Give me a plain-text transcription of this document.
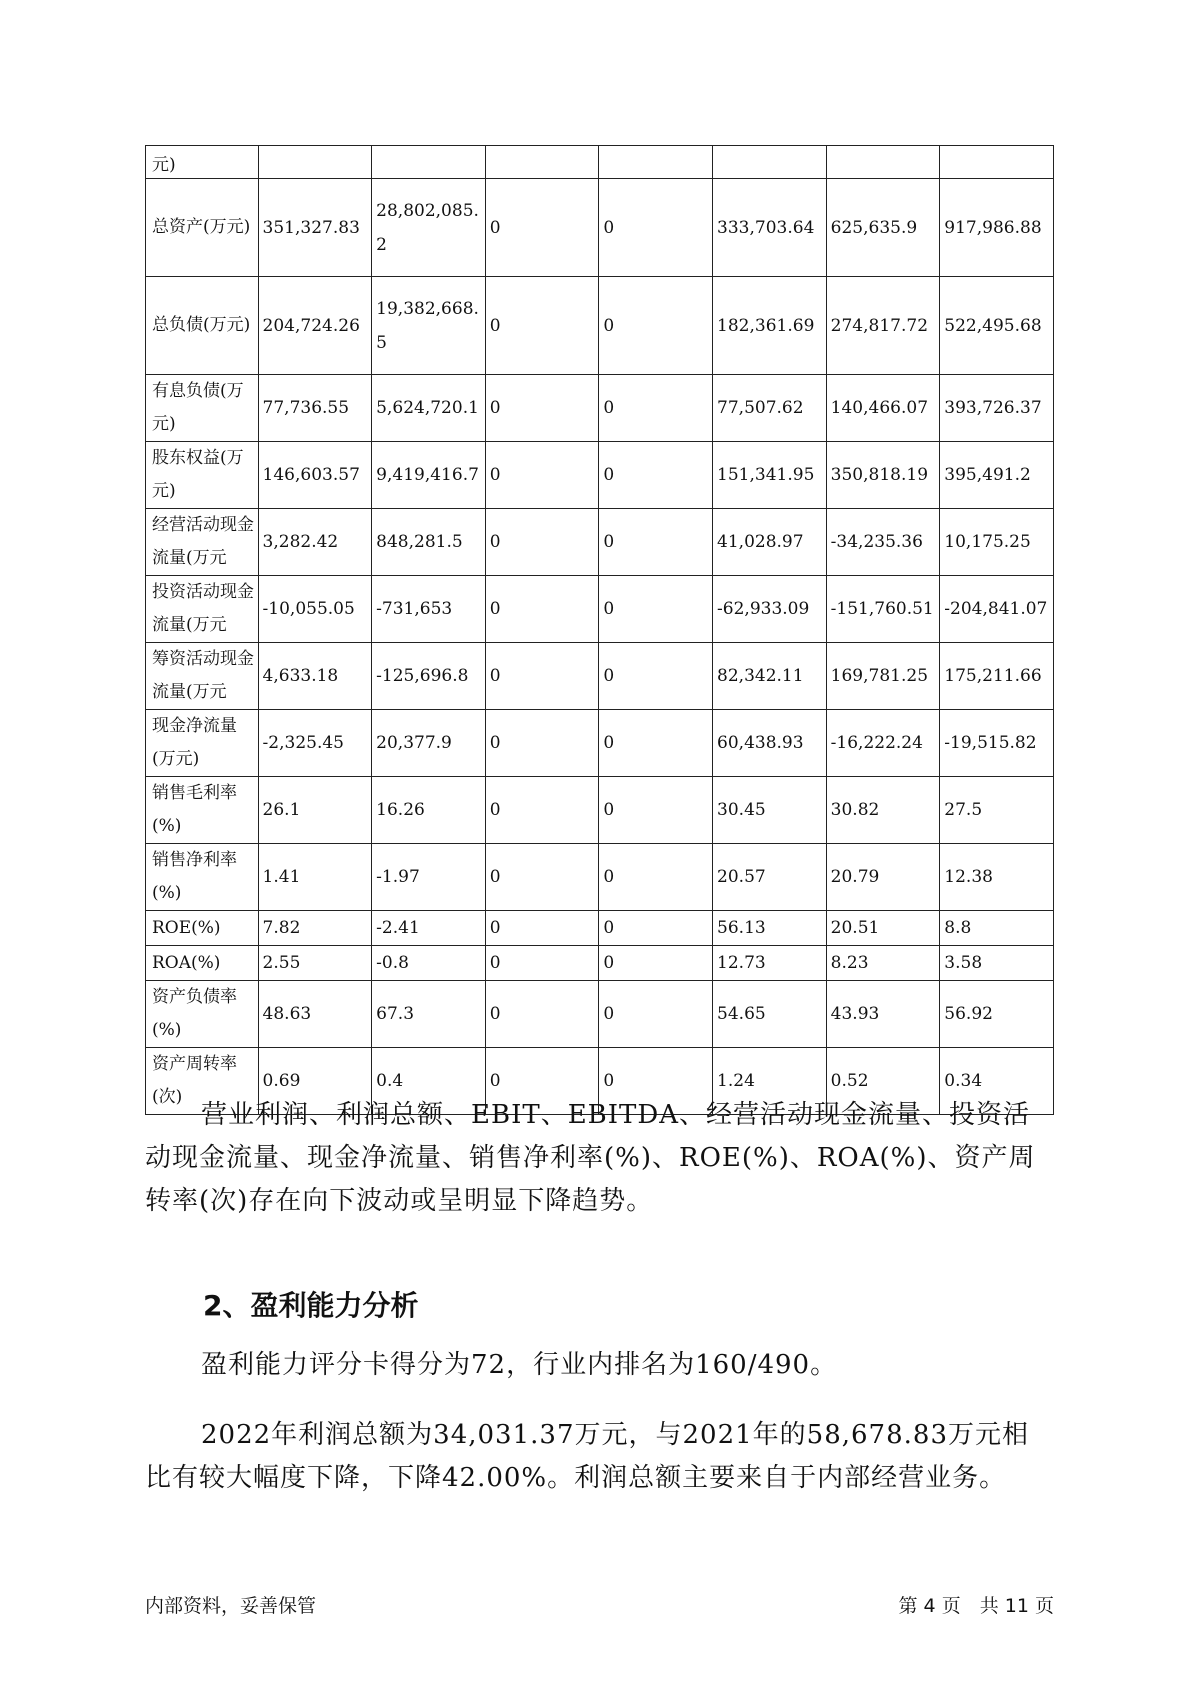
元)							
总资产(万元)	351,327.83	28,802,085.2	0	0	333,703.64	625,635.9	917,986.88
总负债(万元)	204,724.26	19,382,668.5	0	0	182,361.69	274,817.72	522,495.68
有息负债(万元)	77,736.55	5,624,720.1	0	0	77,507.62	140,466.07	393,726.37
股东权益(万元)	146,603.57	9,419,416.7	0	0	151,341.95	350,818.19	395,491.2
经营活动现金流量(万元	3,282.42	848,281.5	0	0	41,028.97	-34,235.36	10,175.25
投资活动现金流量(万元	-10,055.05	-731,653	0	0	-62,933.09	-151,760.51	-204,841.07
筹资活动现金流量(万元	4,633.18	-125,696.8	0	0	82,342.11	169,781.25	175,211.66
现金净流量(万元)	-2,325.45	20,377.9	0	0	60,438.93	-16,222.24	-19,515.82
销售毛利率(%)	26.1	16.26	0	0	30.45	30.82	27.5
销售净利率(%)	1.41	-1.97	0	0	20.57	20.79	12.38
ROE(%)	7.82	-2.41	0	0	56.13	20.51	8.8
ROA(%)	2.55	-0.8	0	0	12.73	8.23	3.58
资产负债率(%)	48.63	67.3	0	0	54.65	43.93	56.92
资产周转率(次)	0.69	0.4	0	0	1.24	0.52	0.34
营业利润、利润总额、EBIT、EBITDA、经营活动现金流量、投资活动现金流量、现金净流量、销售净利率(%)、ROE(%)、ROA(%)、资产周转率(次)存在向下波动或呈明显下降趋势。
2、盈利能力分析
盈利能力评分卡得分为72，行业内排名为160/490。
2022年利润总额为34,031.37万元，与2021年的58,678.83万元相比有较大幅度下降，下降42.00%。利润总额主要来自于内部经营业务。
内部资料，妥善保管	第 4 页　共 11 页
